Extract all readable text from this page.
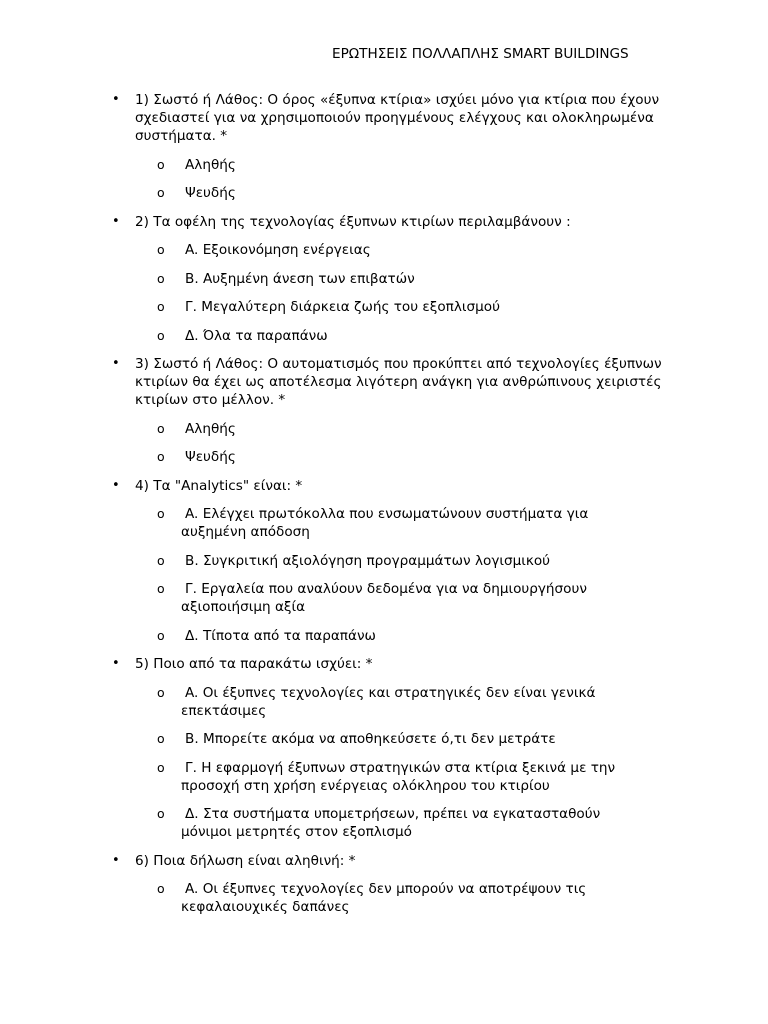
ΕΡΩΤΗΣΕΙΣ ΠΟΛΛΑΠΛΗΣ SMART BUILDINGS
• 1) Σωστό ή Λάθος: Ο όρος «έξυπνα κτίρια» ισχύει μόνο για κτίρια που έχουν σχεδιαστεί για να χρησιμοποιούν προηγμένους ελέγχους και ολοκληρωμένα συστήματα. *
o Αληθής
o Ψευδής
• 2) Τα οφέλη της τεχνολογίας έξυπνων κτιρίων περιλαμβάνουν :
o A. Εξοικονόμηση ενέργειας
o B. Αυξημένη άνεση των επιβατών
o Γ. Μεγαλύτερη διάρκεια ζωής του εξοπλισμού
o Δ. Όλα τα παραπάνω
• 3) Σωστό ή Λάθος: Ο αυτοματισμός που προκύπτει από τεχνολογίες έξυπνων κτιρίων θα έχει ως αποτέλεσμα λιγότερη ανάγκη για ανθρώπινους χειριστές κτιρίων στο μέλλον. *
o Αληθής
o Ψευδής
• 4) Τα "Analytics" είναι: *
o A. Ελέγχει πρωτόκολλα που ενσωματώνουν συστήματα για αυξημένη απόδοση
o B. Συγκριτική αξιολόγηση προγραμμάτων λογισμικού
o Γ. Εργαλεία που αναλύουν δεδομένα για να δημιουργήσουν αξιοποιήσιμη αξία
o Δ. Τίποτα από τα παραπάνω
• 5) Ποιο από τα παρακάτω ισχύει: *
o A. Οι έξυπνες τεχνολογίες και στρατηγικές δεν είναι γενικά επεκτάσιμες
o B. Μπορείτε ακόμα να αποθηκεύσετε ό,τι δεν μετράτε
o Γ. Η εφαρμογή έξυπνων στρατηγικών στα κτίρια ξεκινά με την προσοχή στη χρήση ενέργειας ολόκληρου του κτιρίου
o Δ. Στα συστήματα υπομετρήσεων, πρέπει να εγκατασταθούν μόνιμοι μετρητές στον εξοπλισμό
• 6) Ποια δήλωση είναι αληθινή: *
o A. Οι έξυπνες τεχνολογίες δεν μπορούν να αποτρέψουν τις κεφαλαιουχικές δαπάνες
